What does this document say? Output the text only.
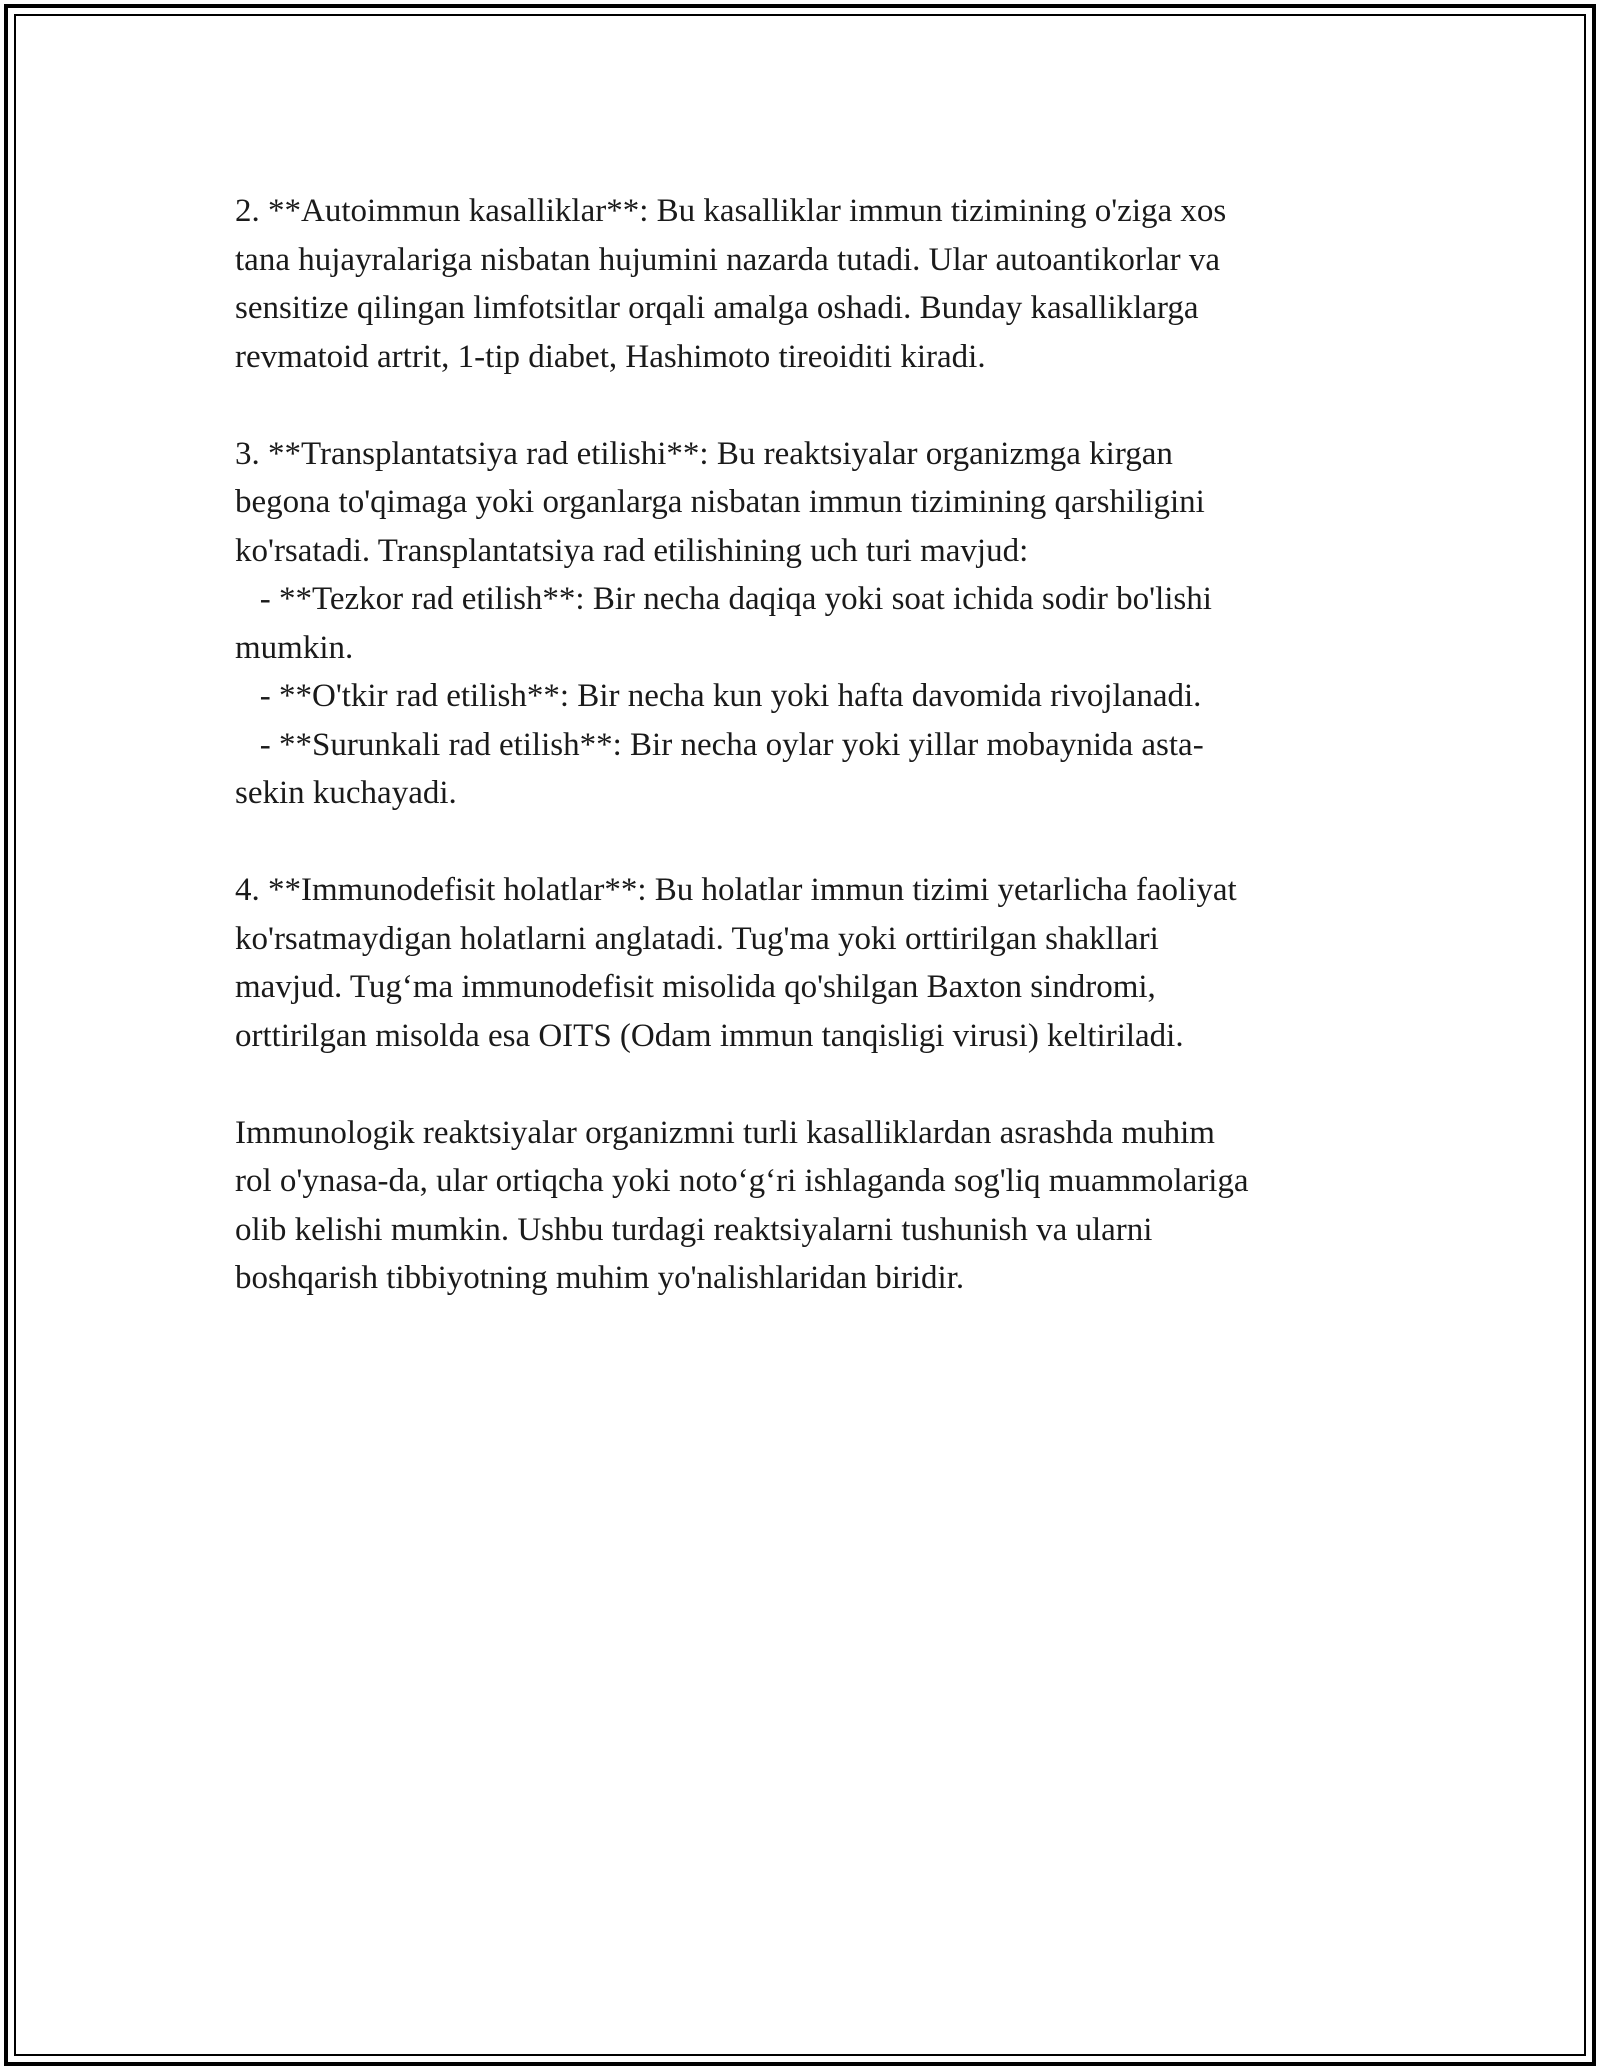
2. **Autoimmun kasalliklar**: Bu kasalliklar immun tizimining o'ziga xos
tana hujayralariga nisbatan hujumini nazarda tutadi. Ular autoantikorlar va
sensitize qilingan limfotsitlar orqali amalga oshadi. Bunday kasalliklarga
revmatoid artrit, 1-tip diabet, Hashimoto tireoiditi kiradi.

3. **Transplantatsiya rad etilishi**: Bu reaktsiyalar organizmga kirgan
begona to'qimaga yoki organlarga nisbatan immun tizimining qarshiligini
ko'rsatadi. Transplantatsiya rad etilishining uch turi mavjud:
- **Tezkor rad etilish**: Bir necha daqiqa yoki soat ichida sodir bo'lishi
mumkin.
- **O'tkir rad etilish**: Bir necha kun yoki hafta davomida rivojlanadi.
- **Surunkali rad etilish**: Bir necha oylar yoki yillar mobaynida asta-
sekin kuchayadi.

4. **Immunodefisit holatlar**: Bu holatlar immun tizimi yetarlicha faoliyat
ko'rsatmaydigan holatlarni anglatadi. Tug'ma yoki orttirilgan shakllari
mavjud. Tug‘ma immunodefisit misolida qo'shilgan Baxton sindromi,
orttirilgan misolda esa OITS (Odam immun tanqisligi virusi) keltiriladi.

Immunologik reaktsiyalar organizmni turli kasalliklardan asrashda muhim
rol o'ynasa-da, ular ortiqcha yoki noto‘g‘ri ishlaganda sog'liq muammolariga
olib kelishi mumkin. Ushbu turdagi reaktsiyalarni tushunish va ularni
boshqarish tibbiyotning muhim yo'nalishlaridan biridir.
